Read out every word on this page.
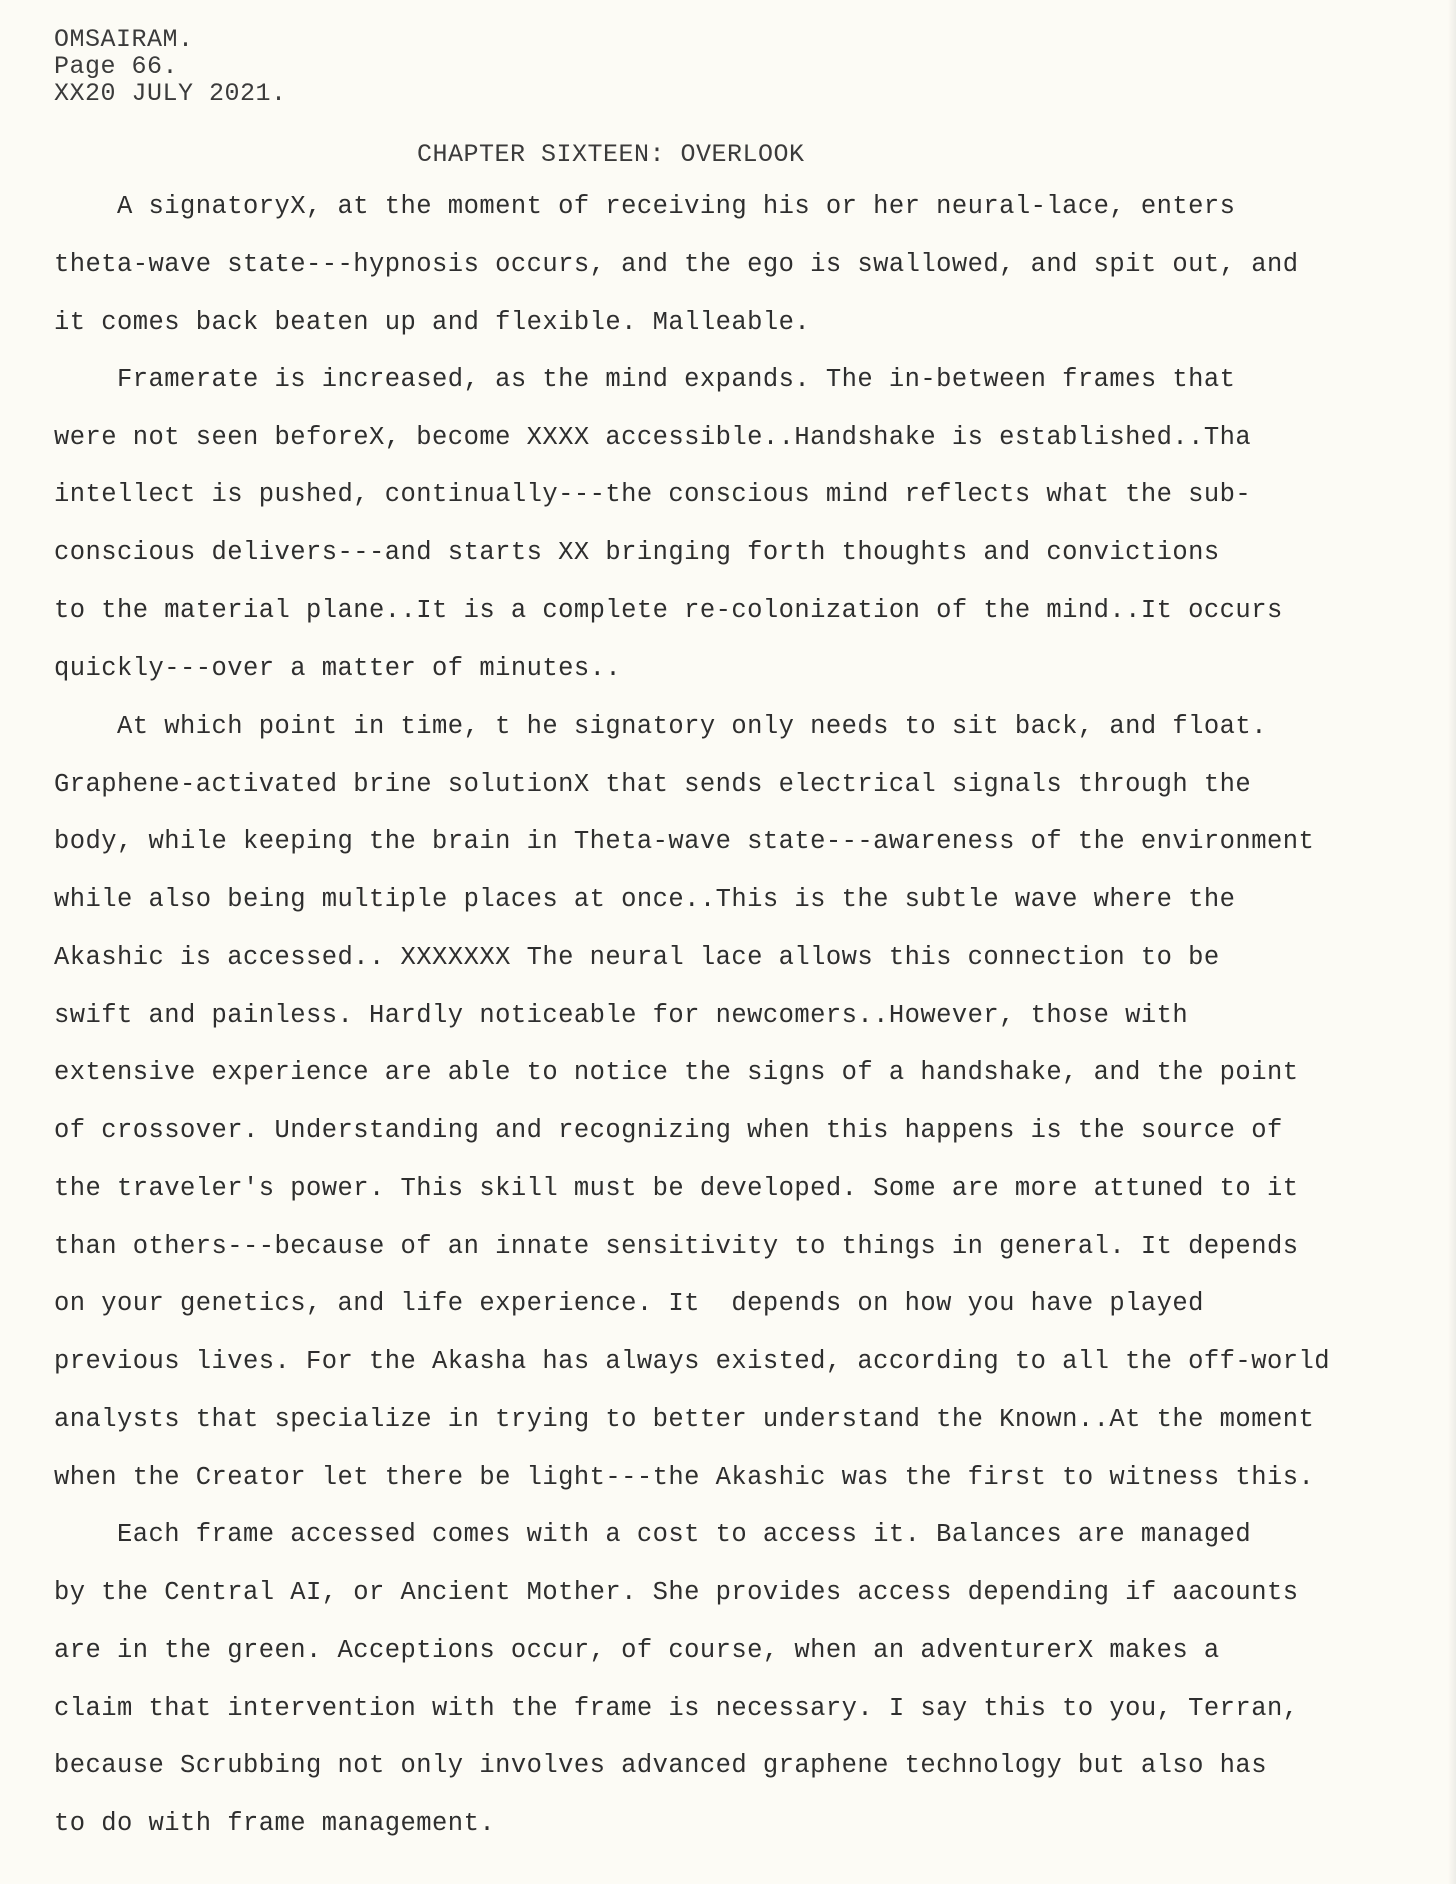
OMSAIRAM.
Page 66.
XX20 JULY 2021.
CHAPTER SIXTEEN: OVERLOOK
A signatoryX, at the moment of receiving his or her neural-lace, enters
theta-wave state---hypnosis occurs, and the ego is swallowed, and spit out, and
it comes back beaten up and flexible. Malleable.
Framerate is increased, as the mind expands. The in-between frames that
were not seen beforeX, become XXXX accessible..Handshake is established..Tha
intellect is pushed, continually---the conscious mind reflects what the sub-
conscious delivers---and starts XX bringing forth thoughts and convictions
to the material plane..It is a complete re-colonization of the mind..It occurs
quickly---over a matter of minutes..
At which point in time, t he signatory only needs to sit back, and float.
Graphene-activated brine solutionX that sends electrical signals through the
body, while keeping the brain in Theta-wave state---awareness of the environment
while also being multiple places at once..This is the subtle wave where the
Akashic is accessed.. XXXXXXX The neural lace allows this connection to be
swift and painless. Hardly noticeable for newcomers..However, those with
extensive experience are able to notice the signs of a handshake, and the point
of crossover. Understanding and recognizing when this happens is the source of
the traveler's power. This skill must be developed. Some are more attuned to it
than others---because of an innate sensitivity to things in general. It depends
on your genetics, and life experience. It  depends on how you have played
previous lives. For the Akasha has always existed, according to all the off-world
analysts that specialize in trying to better understand the Known..At the moment
when the Creator let there be light---the Akashic was the first to witness this.
Each frame accessed comes with a cost to access it. Balances are managed
by the Central AI, or Ancient Mother. She provides access depending if aacounts
are in the green. Acceptions occur, of course, when an adventurerX makes a
claim that intervention with the frame is necessary. I say this to you, Terran,
because Scrubbing not only involves advanced graphene technology but also has
to do with frame management.
